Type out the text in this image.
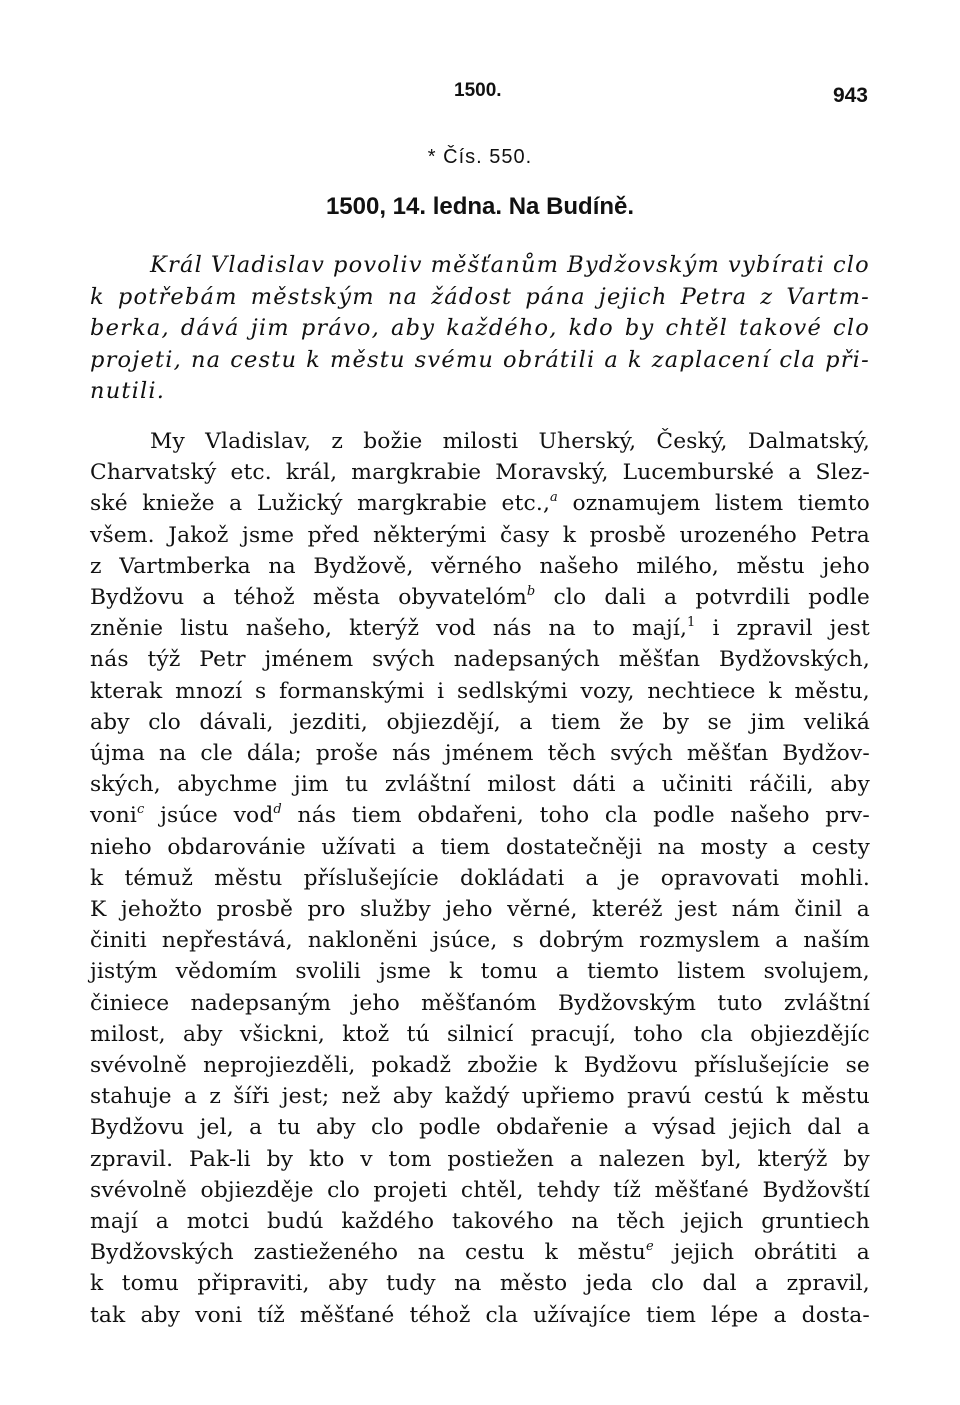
1500.	943
* Čís. 550.
1500, 14. ledna. Na Budíně.
Král Vladislav povoliv měšťanům Bydžovským vybírati clo
k potřebám městským na žádost pána jejich Petra z Vartm-
berka, dává jim právo, aby každého, kdo by chtěl takové clo
projeti, na cestu k městu svému obrátili a k zaplacení cla při-
nutili.
My Vladislav, z božie milosti Uherský, Český, Dalmatský,
Charvatský etc. král, margkrabie Moravský, Lucemburské a Slez-
ské knieže a Lužický margkrabie etc.,$^a$ oznamujem listem tiemto
všem. Jakož jsme před některými časy k prosbě urozeného Petra
z Vartmberka na Bydžově, věrného našeho milého, městu jeho
Bydžovu a téhož města obyvatelóm$^b$ clo dali a potvrdili podle
zněnie listu našeho, kterýž vod nás na to mají,$^1$ i zpravil jest
nás týž Petr jménem svých nadepsaných měšťan Bydžovských,
kterak mnozí s formanskými i sedlskými vozy, nechtiece k městu,
aby clo dávali, jezditi, objiezdějí, a tiem že by se jim veliká
újma na cle dála; proše nás jménem těch svých měšťan Bydžov-
ských, abychme jim tu zvláštní milost dáti a učiniti ráčili, aby
voni$^c$ jsúce vod$^d$ nás tiem obdařeni, toho cla podle našeho prv-
nieho obdarovánie užívati a tiem dostatečněji na mosty a cesty
k témuž městu příslušejície dokládati a je opravovati mohli.
K jehožto prosbě pro služby jeho věrné, kteréž jest nám činil a
činiti nepřestává, nakloněni jsúce, s dobrým rozmyslem a naším
jistým vědomím svolili jsme k tomu a tiemto listem svolujem,
činiece nadepsaným jeho měšťanóm Bydžovským tuto zvláštní
milost, aby všickni, ktož tú silnicí pracují, toho cla objiezdějíc
svévolně neprojiezděli, pokadž zbožie k Bydžovu příslušejície se
stahuje a z šíři jest; než aby každý upřiemo pravú cestú k městu
Bydžovu jel, a tu aby clo podle obdařenie a výsad jejich dal a
zpravil. Pak-li by kto v tom postiežen a nalezen byl, kterýž by
svévolně objiezděje clo projeti chtěl, tehdy tíž měšťané Bydžovští
mají a motci budú každého takového na těch jejich gruntiech
Bydžovských zastieženého na cestu k městu$^e$ jejich obrátiti a
k tomu připraviti, aby tudy na město jeda clo dal a zpravil,
tak aby voni tíž měšťané téhož cla užívajíce tiem lépe a dosta-
